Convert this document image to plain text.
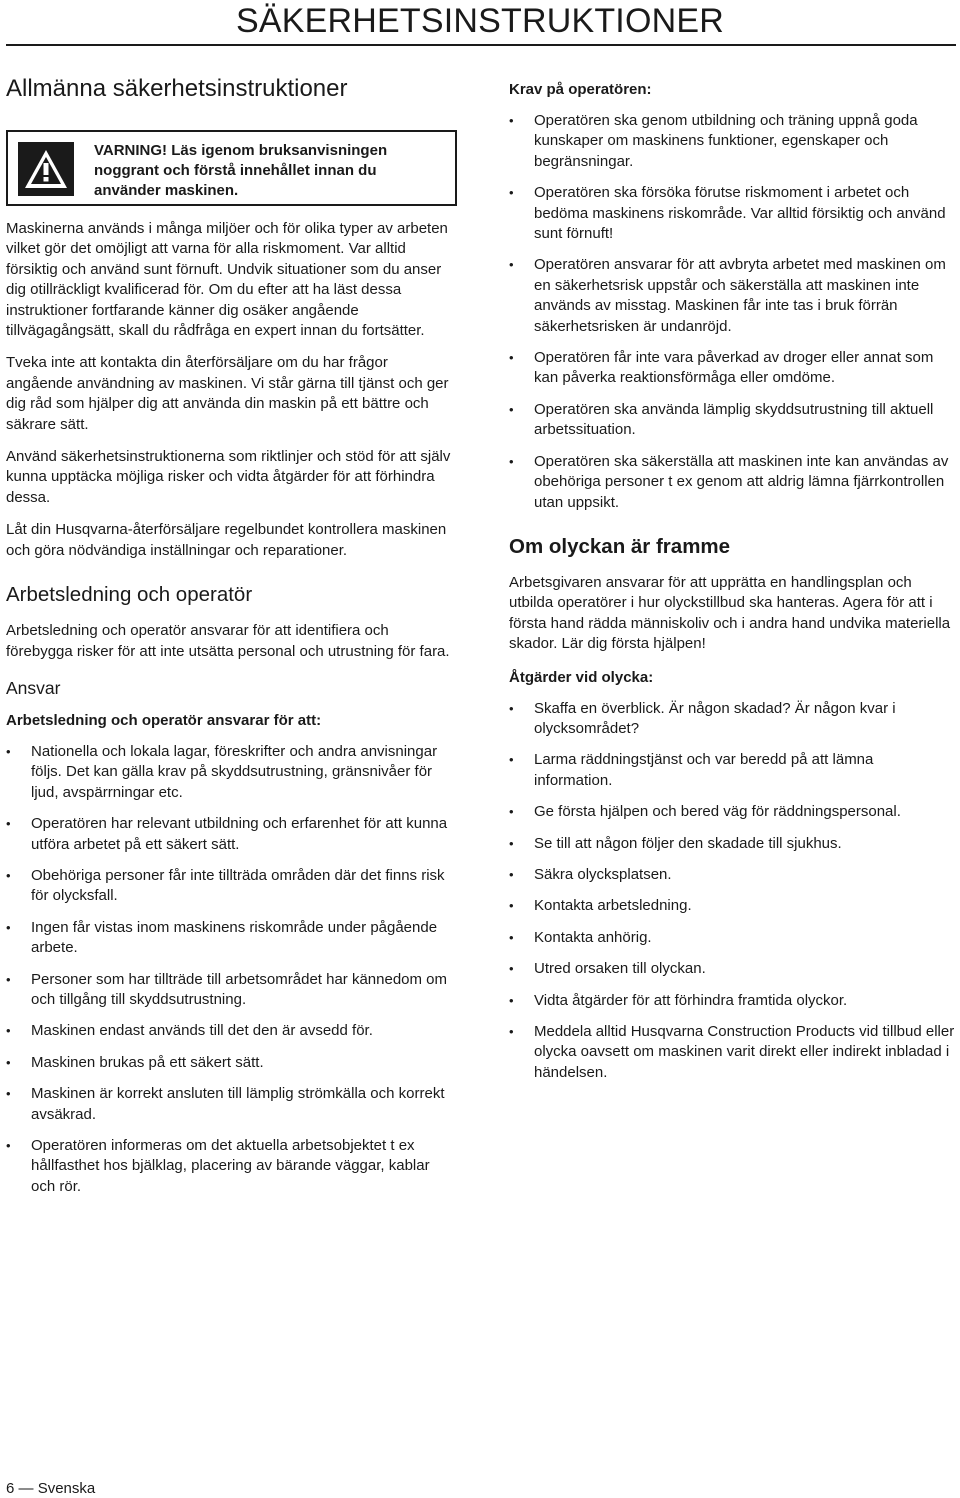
SÄKERHETSINSTRUKTIONER
Allmänna säkerhetsinstruktioner
VARNING! Läs igenom bruksanvisningen noggrant och förstå innehållet innan du använder maskinen.

Maskinerna används i många miljöer och för olika typer av arbeten vilket gör det omöjligt att varna för alla riskmoment. Var alltid försiktig och använd sunt förnuft. Undvik situationer som du anser dig otillräckligt kvalificerad för. Om du efter att ha läst dessa instruktioner fortfarande känner dig osäker angående tillvägagångsätt, skall du rådfråga en expert innan du fortsätter.

Tveka inte att kontakta din återförsäljare om du har frågor angående användning av maskinen. Vi står gärna till tjänst och ger dig råd som hjälper dig att använda din maskin på ett bättre och säkrare sätt.

Använd säkerhetsinstruktionerna som riktlinjer och stöd för att själv kunna upptäcka möjliga risker och vidta åtgärder för att förhindra dessa.

Låt din Husqvarna-återförsäljare regelbundet kontrollera maskinen och göra nödvändiga inställningar och reparationer.

Arbetsledning och operatör

Arbetsledning och operatör ansvarar för att identifiera och förebygga risker för att inte utsätta personal och utrustning för fara.

Ansvar
Arbetsledning och operatör ansvarar för att:
• Nationella och lokala lagar, föreskrifter och andra anvisningar följs. Det kan gälla krav på skyddsutrustning, gränsnivåer för ljud, avspärrningar etc.
• Operatören har relevant utbildning och erfarenhet för att kunna utföra arbetet på ett säkert sätt.
• Obehöriga personer får inte tillträda områden där det finns risk för olycksfall.
• Ingen får vistas inom maskinens riskområde under pågående arbete.
• Personer som har tillträde till arbetsområdet har kännedom om och tillgång till skyddsutrustning.
• Maskinen endast används till det den är avsedd för.
• Maskinen brukas på ett säkert sätt.
• Maskinen är korrekt ansluten till lämplig strömkälla och korrekt avsäkrad.
• Operatören informeras om det aktuella arbetsobjektet t ex hållfasthet hos bjälklag, placering av bärande väggar, kablar och rör.
Krav på operatören:
• Operatören ska genom utbildning och träning uppnå goda kunskaper om maskinens funktioner, egenskaper och begränsningar.
• Operatören ska försöka förutse riskmoment i arbetet och bedöma maskinens riskområde. Var alltid försiktig och använd sunt förnuft!
• Operatören ansvarar för att avbryta arbetet med maskinen om en säkerhetsrisk uppstår och säkerställa att maskinen inte används av misstag. Maskinen får inte tas i bruk förrän säkerhetsrisken är undanröjd.
• Operatören får inte vara påverkad av droger eller annat som kan påverka reaktionsförmåga eller omdöme.
• Operatören ska använda lämplig skyddsutrustning till aktuell arbetssituation.
• Operatören ska säkerställa att maskinen inte kan användas av obehöriga personer t ex genom att aldrig lämna fjärrkontrollen utan uppsikt.
Om olyckan är framme

Arbetsgivaren ansvarar för att upprätta en handlingsplan och utbilda operatörer i hur olyckstillbud ska hanteras. Agera för att i första hand rädda människoliv och i andra hand undvika materiella skador. Lär dig första hjälpen!

Åtgärder vid olycka:
• Skaffa en överblick. Är någon skadad? Är någon kvar i olycksområdet?
• Larma räddningstjänst och var beredd på att lämna information.
• Ge första hjälpen och bered väg för räddningspersonal.
• Se till att någon följer den skadade till sjukhus.
• Säkra olycksplatsen.
• Kontakta arbetsledning.
• Kontakta anhörig.
• Utred orsaken till olyckan.
• Vidta åtgärder för att förhindra framtida olyckor.
• Meddela alltid Husqvarna Construction Products vid tillbud eller olycka oavsett om maskinen varit direkt eller indirekt inbladad i händelsen.
6 — Svenska
